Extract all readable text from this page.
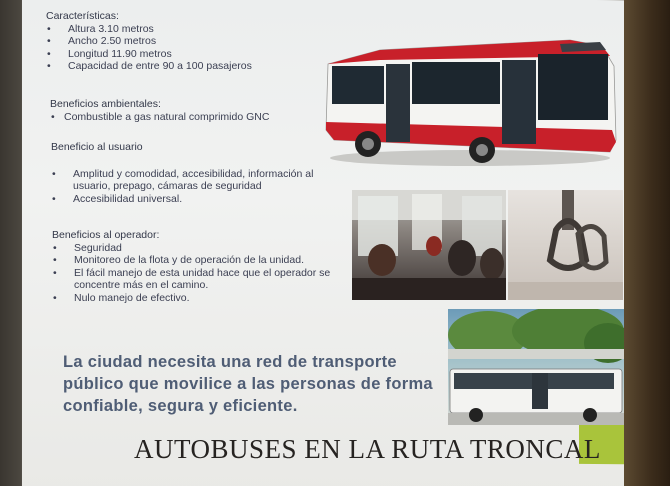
Características:
• Altura 3.10 metros
• Ancho 2.50 metros
• Longitud 11.90 metros
• Capacidad de entre 90 a 100 pasajeros
Beneficios ambientales:
• Combustible a gas natural comprimido GNC
Beneficio al usuario
• Amplitud y comodidad, accesibilidad, información al usuario, prepago, cámaras de seguridad
• Accesibilidad universal.
Beneficios al operador:
• Seguridad
• Monitoreo de la flota y de operación de la unidad.
• El fácil manejo de esta unidad hace que el operador se concentre más en el camino.
• Nulo manejo de efectivo.
La ciudad necesita una red de transporte público que movilice a las personas de forma confiable, segura y eficiente.
AUTOBUSES EN LA RUTA TRONCAL
